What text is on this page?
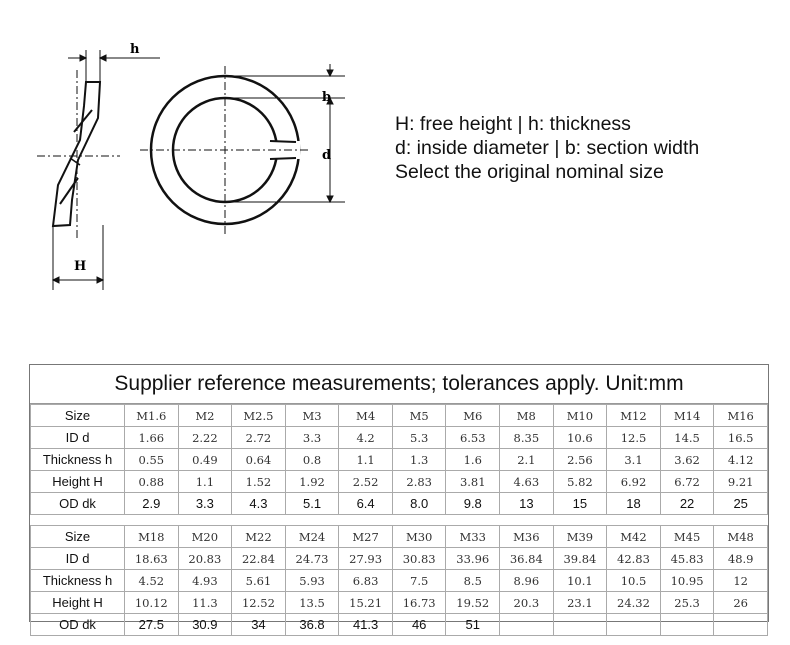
h
b
d
H
H: free height | h: thickness
d: inside diameter | b: section width
Select the original nominal size
Supplier reference measurements; tolerances apply. Unit:mm
Size	M1.6	M2	M2.5	M3	M4	M5	M6	M8	M10	M12	M14	M16
ID d	1.66	2.22	2.72	3.3	4.2	5.3	6.53	8.35	10.6	12.5	14.5	16.5
Thickness h	0.55	0.49	0.64	0.8	1.1	1.3	1.6	2.1	2.56	3.1	3.62	4.12
Height H	0.88	1.1	1.52	1.92	2.52	2.83	3.81	4.63	5.82	6.92	6.72	9.21
OD dk	2.9	3.3	4.3	5.1	6.4	8.0	9.8	13	15	18	22	25

Size	M18	M20	M22	M24	M27	M30	M33	M36	M39	M42	M45	M48
ID d	18.63	20.83	22.84	24.73	27.93	30.83	33.96	36.84	39.84	42.83	45.83	48.9
Thickness h	4.52	4.93	5.61	5.93	6.83	7.5	8.5	8.96	10.1	10.5	10.95	12
Height H	10.12	11.3	12.52	13.5	15.21	16.73	19.52	20.3	23.1	24.32	25.3	26
OD dk	27.5	30.9	34	36.8	41.3	46	51					
